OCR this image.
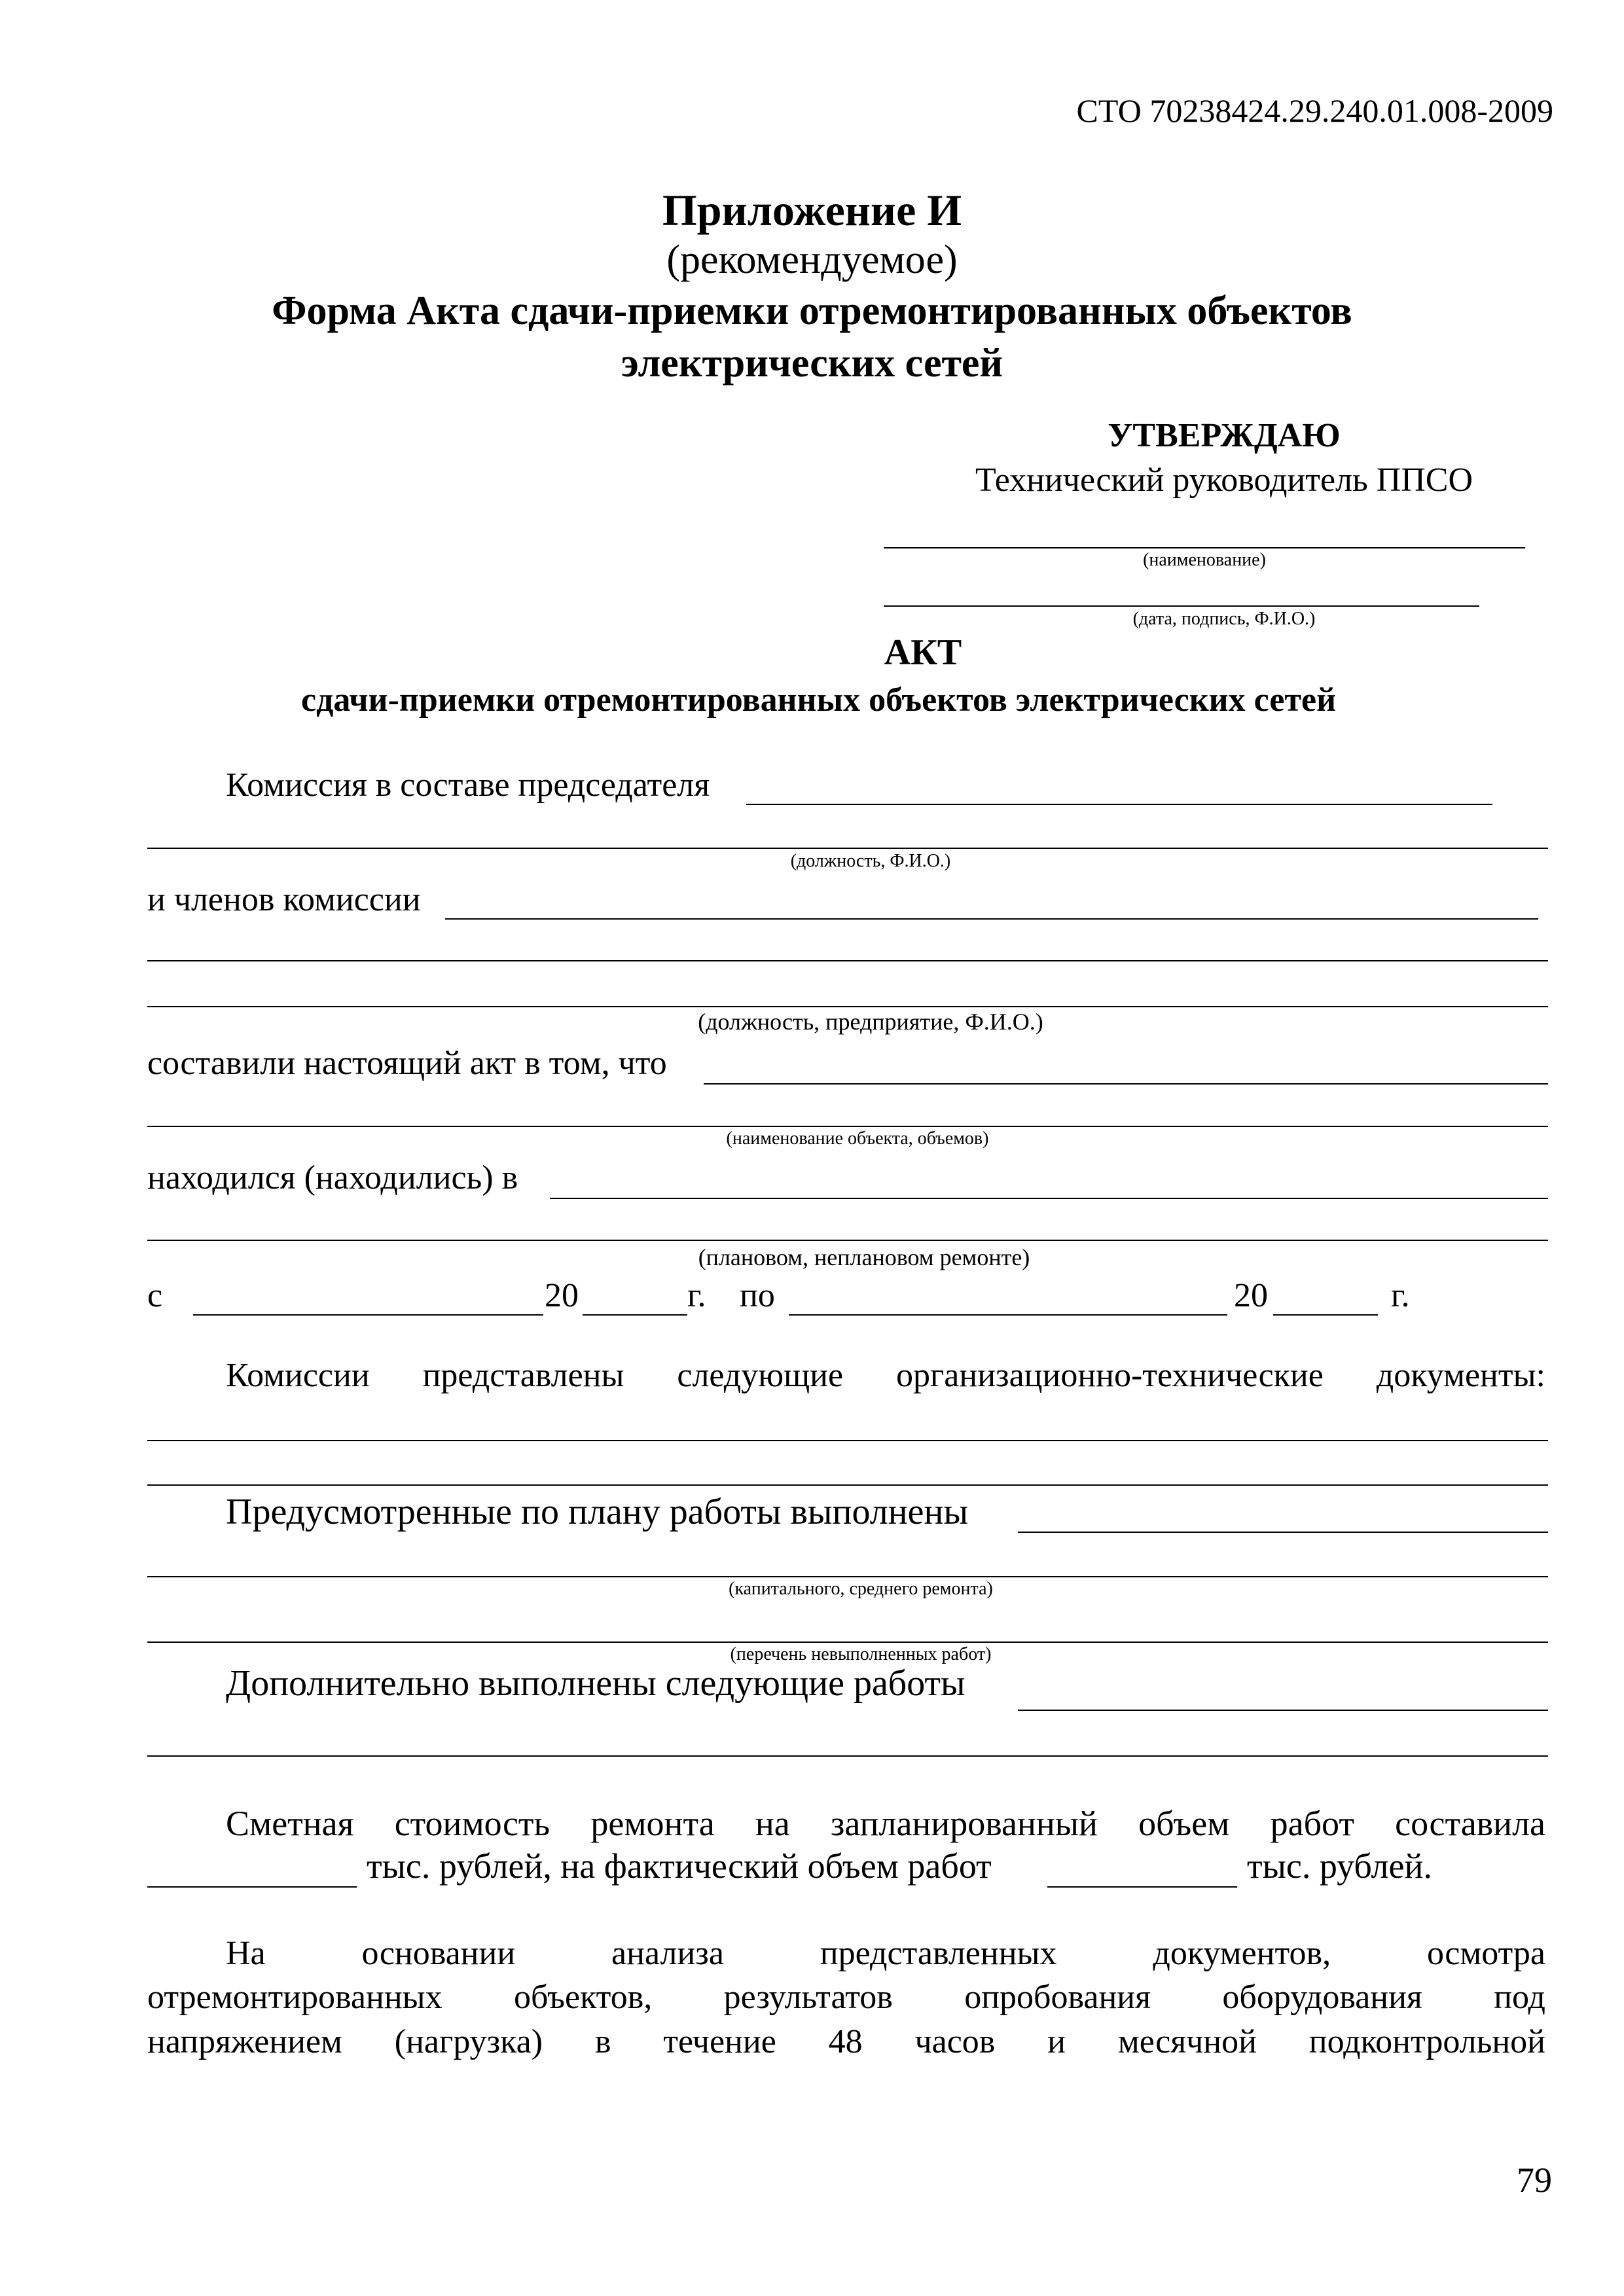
СТО 70238424.29.240.01.008-2009
Приложение И
(рекомендуемое)
Форма Акта сдачи-приемки отремонтированных объектов
электрических сетей
УТВЕРЖДАЮ
Технический руководитель ППСО
(наименование)
(дата, подпись, Ф.И.О.)
АКТ
сдачи-приемки отремонтированных объектов электрических сетей
Комиссия в составе председателя
(должность, Ф.И.О.)
и членов комиссии
(должность, предприятие, Ф.И.О.)
составили настоящий акт в том, что
(наименование объекта, объемов)
находился (находились) в
(плановом, неплановом ремонте)
с	20	г. по	20	г.
Комиссии представлены следующие организационно-технические документы:
Предусмотренные по плану работы выполнены
(капитального, среднего ремонта)
(перечень невыполненных работ)
Дополнительно выполнены следующие работы
Сметная стоимость ремонта на запланированный объем работ составила
тыс. рублей, на фактический объем работ	тыс. рублей.
На основании анализа представленных документов, осмотра
отремонтированных объектов, результатов опробования оборудования под
напряжением (нагрузка) в течение 48 часов и месячной подконтрольной
79
